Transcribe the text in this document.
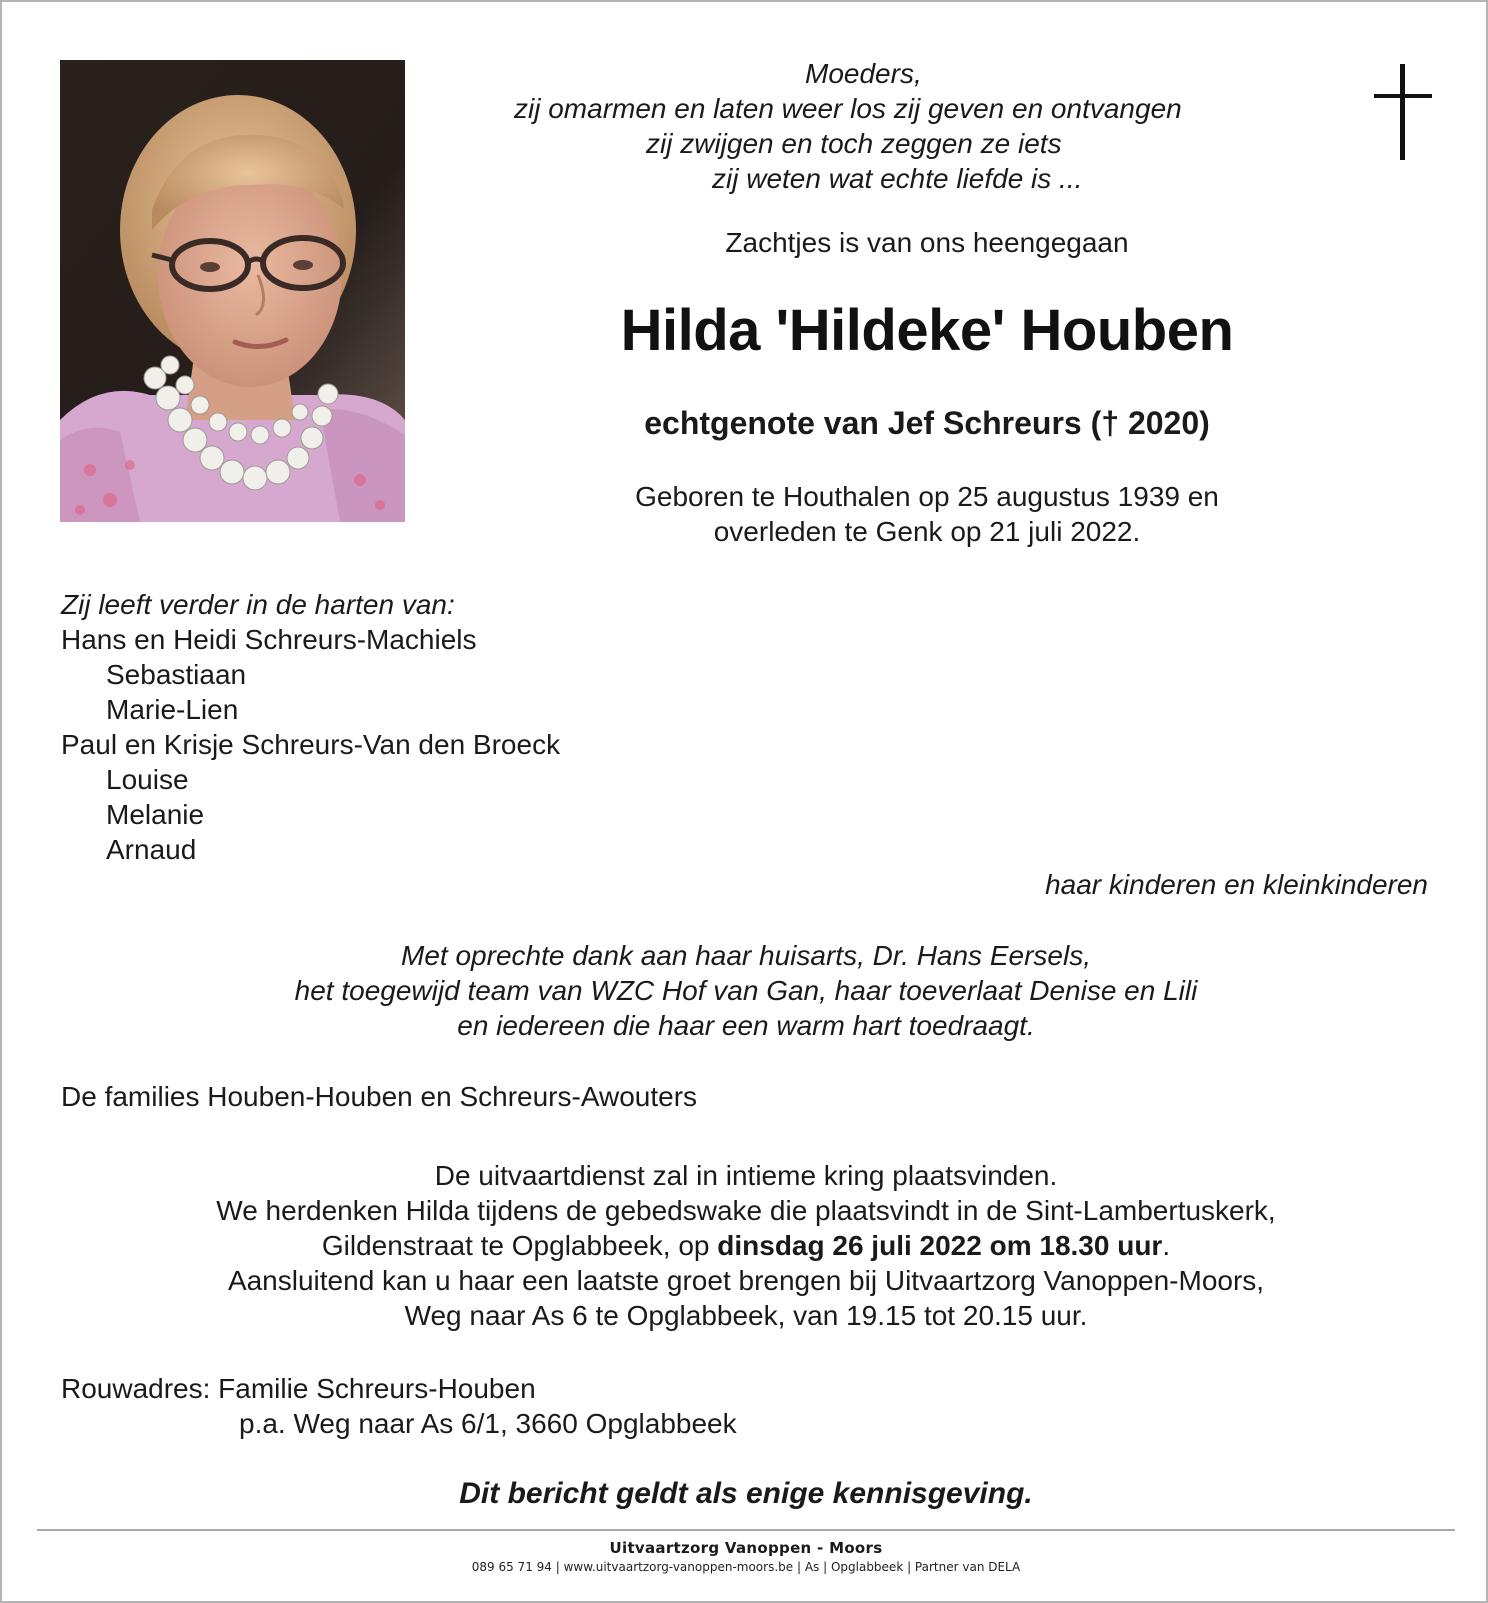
Moeders,
zij omarmen en laten weer los zij geven en ontvangen
zij zwijgen en toch zeggen ze iets
zij weten wat echte liefde is ...
Zachtjes is van ons heengegaan
Hilda 'Hildeke' Houben
echtgenote van Jef Schreurs († 2020)
Geboren te Houthalen op 25 augustus 1939 en
overleden te Genk op 21 juli 2022.
Zij leeft verder in de harten van:
Hans en Heidi Schreurs-Machiels
Sebastiaan
Marie-Lien
Paul en Krisje Schreurs-Van den Broeck
Louise
Melanie
Arnaud
haar kinderen en kleinkinderen
Met oprechte dank aan haar huisarts, Dr. Hans Eersels,
het toegewijd team van WZC Hof van Gan, haar toeverlaat Denise en Lili
en iedereen die haar een warm hart toedraagt.
De families Houben-Houben en Schreurs-Awouters
De uitvaartdienst zal in intieme kring plaatsvinden.
We herdenken Hilda tijdens de gebedswake die plaatsvindt in de Sint-Lambertuskerk,
Gildenstraat te Opglabbeek, op dinsdag 26 juli 2022 om 18.30 uur.
Aansluitend kan u haar een laatste groet brengen bij Uitvaartzorg Vanoppen-Moors,
Weg naar As 6 te Opglabbeek, van 19.15 tot 20.15 uur.
Rouwadres: Familie Schreurs-Houben
p.a. Weg naar As 6/1, 3660 Opglabbeek
Dit bericht geldt als enige kennisgeving.
Uitvaartzorg Vanoppen - Moors
089 65 71 94 | www.uitvaartzorg-vanoppen-moors.be | As | Opglabbeek | Partner van DELA
